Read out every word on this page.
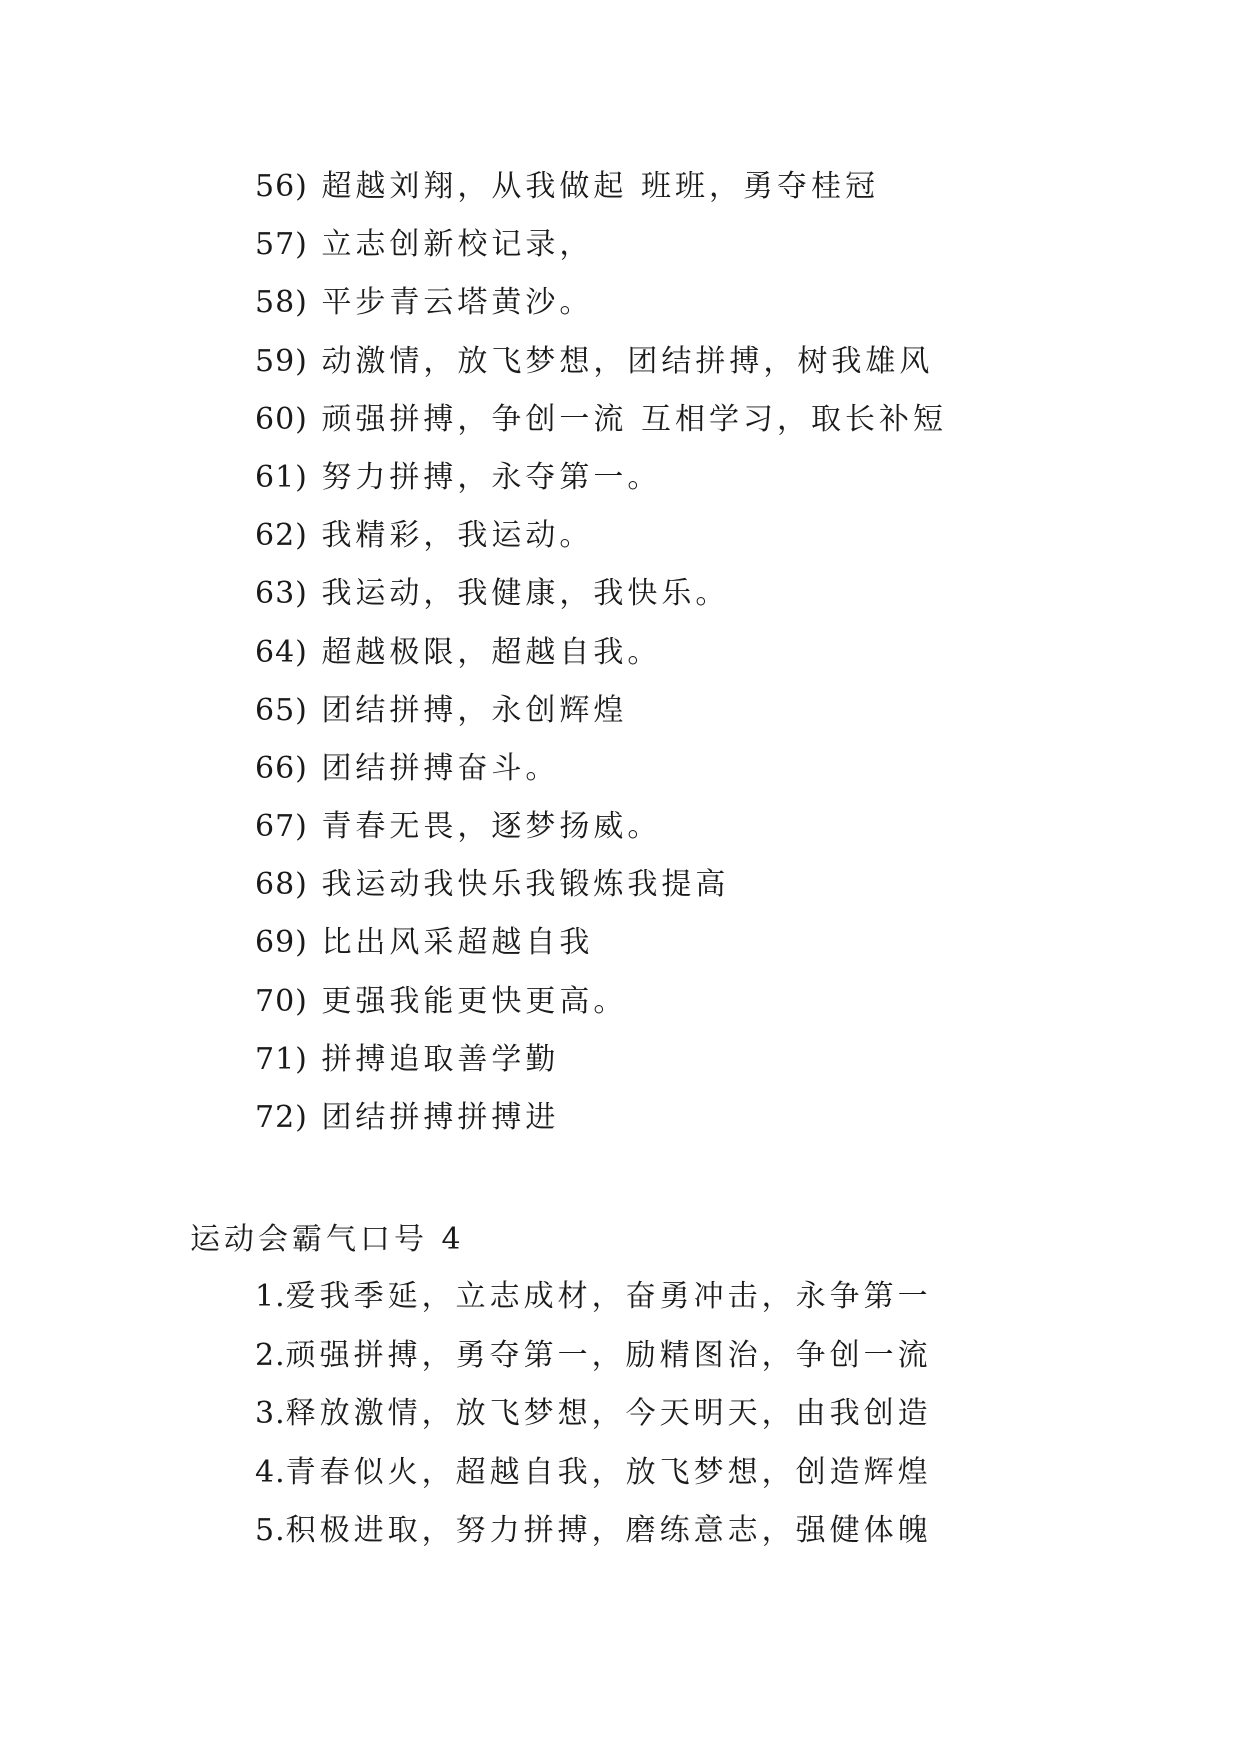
56) 超越刘翔，从我做起 班班，勇夺桂冠
57) 立志创新校记录，
58) 平步青云塔黄沙。
59) 动激情，放飞梦想，团结拼搏，树我雄风
60) 顽强拼搏，争创一流 互相学习，取长补短
61) 努力拼搏，永夺第一。
62) 我精彩，我运动。
63) 我运动，我健康，我快乐。
64) 超越极限，超越自我。
65) 团结拼搏，永创辉煌
66) 团结拼搏奋斗。
67) 青春无畏，逐梦扬威。
68) 我运动我快乐我锻炼我提高
69) 比出风采超越自我
70) 更强我能更快更高。
71) 拼搏追取善学勤
72) 团结拼搏拼搏进
运动会霸气口号 4
1.爱我季延，立志成材，奋勇冲击，永争第一
2.顽强拼搏，勇夺第一，励精图治，争创一流
3.释放激情，放飞梦想，今天明天，由我创造
4.青春似火，超越自我，放飞梦想，创造辉煌
5.积极进取，努力拼搏，磨练意志，强健体魄
